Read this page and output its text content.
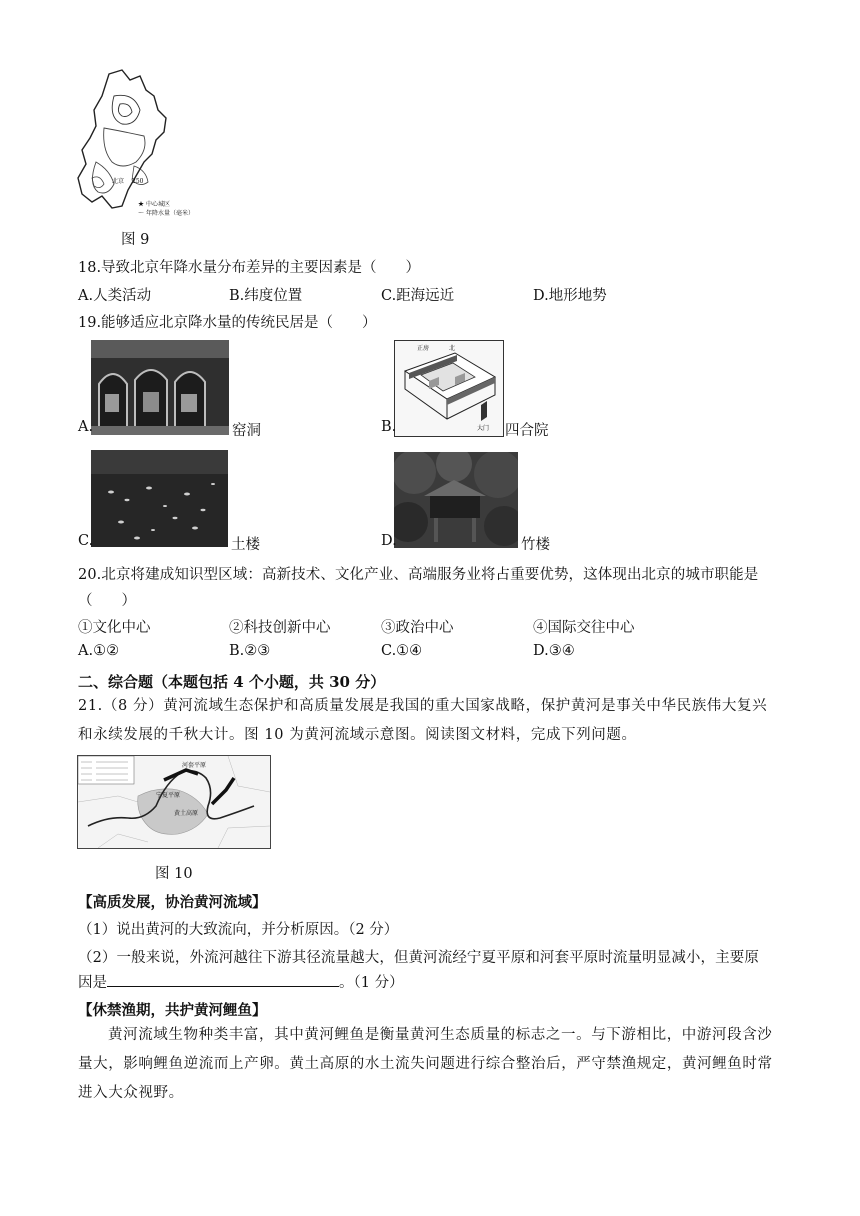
北京 250
★ 中心城区
～ 年降水量（毫米）
图 9
18.导致北京年降水量分布差异的主要因素是（　　）
A.人类活动	B.纬度位置	C.距海远近	D.地形地势
19.能够适应北京降水量的传统民居是（　　）
A.	窑洞
正房	北
大门
B.	四合院
C.	土楼	D.	竹楼
20.北京将建成知识型区域：高新技术、文化产业、高端服务业将占重要优势，这体现出北京的城市职能是
（　　）
①文化中心	②科技创新中心	③政治中心	④国际交往中心
A.①②	B.②③	C.①④	D.③④
二、综合题（本题包括 4 个小题，共 30 分）
21.（8 分）黄河流域生态保护和高质量发展是我国的重大国家战略，保护黄河是事关中华民族伟大复兴和永续发展的千秋大计。图 10 为黄河流域示意图。阅读图文材料，完成下列问题。
河套平原
宁夏平原
黄土高原
图 10
【高质发展，协治黄河流域】
（1）说出黄河的大致流向，并分析原因。（2 分）
（2）一般来说，外流河越往下游其径流量越大，但黄河流经宁夏平原和河套平原时流量明显减小，主要原
因是	。（1 分）
【休禁渔期，共护黄河鲤鱼】
黄河流域生物种类丰富，其中黄河鲤鱼是衡量黄河生态质量的标志之一。与下游相比，中游河段含沙量大，影响鲤鱼逆流而上产卵。黄土高原的水土流失问题进行综合整治后，严守禁渔规定，黄河鲤鱼时常进入大众视野。
